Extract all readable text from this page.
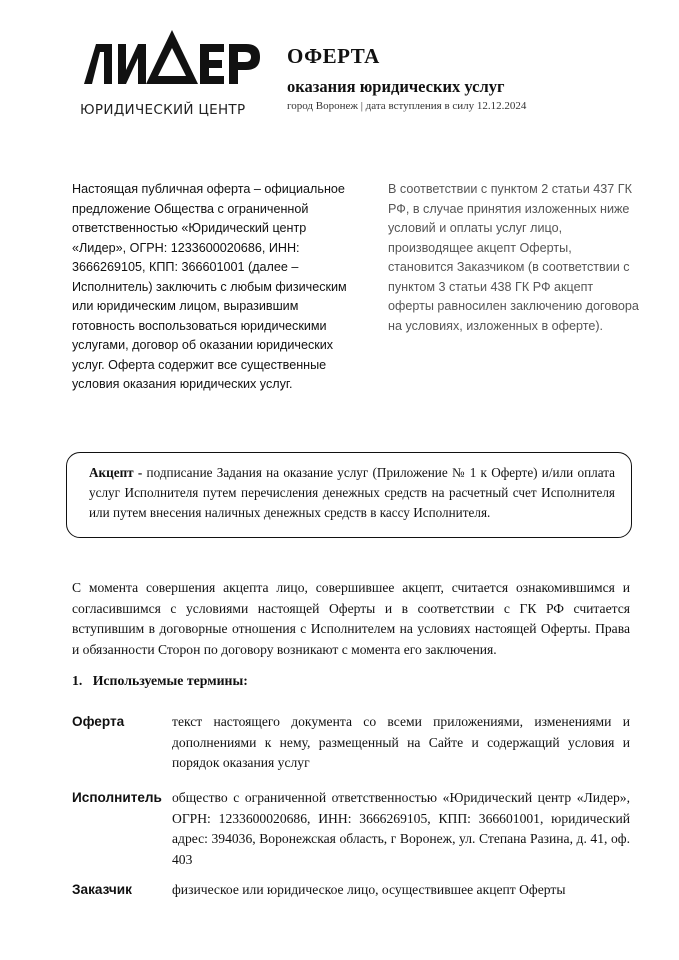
ЮРИДИЧЕСКИЙ ЦЕНТР
ОФЕРТА
оказания юридических услуг
город Воронеж | дата вступления в силу 12.12.2024
Настоящая публичная оферта – официальное предложение Общества с ограниченной ответственностью «Юридический центр «Лидер», ОГРН: 1233600020686, ИНН: 3666269105, КПП: 366601001 (далее – Исполнитель) заключить с любым физическим или юридическим лицом, выразившим готовность воспользоваться юридическими услугами, договор об оказании юридических услуг. Оферта содержит все существенные условия оказания юридических услуг.
В соответствии с пунктом 2 статьи 437 ГК РФ, в случае принятия изложенных ниже условий и оплаты услуг лицо, производящее акцепт Оферты, становится Заказчиком (в соответствии с пунктом 3 статьи 438 ГК РФ акцепт оферты равносилен заключению договора на условиях, изложенных в оферте).
Акцепт - подписание Задания на оказание услуг (Приложение № 1 к Оферте) и/или оплата услуг Исполнителя путем перечисления денежных средств на расчетный счет Исполнителя или путем внесения наличных денежных средств в кассу Исполнителя.
С момента совершения акцепта лицо, совершившее акцепт, считается ознакомившимся и согласившимся с условиями настоящей Оферты и в соответствии с ГК РФ считается вступившим в договорные отношения с Исполнителем на условиях настоящей Оферты. Права и обязанности Сторон по договору возникают с момента его заключения.
1.   Используемые термины:
Оферта	текст настоящего документа со всеми приложениями, изменениями и дополнениями к нему, размещенный на Сайте и содержащий условия и порядок оказания услуг
Исполнитель общество с ограниченной ответственностью «Юридический центр «Лидер», ОГРН: 1233600020686, ИНН: 3666269105, КПП: 366601001, юридический адрес: 394036, Воронежская область, г Воронеж, ул. Степана Разина, д. 41, оф. 403
Заказчик	физическое или юридическое лицо, осуществившее акцепт Оферты
